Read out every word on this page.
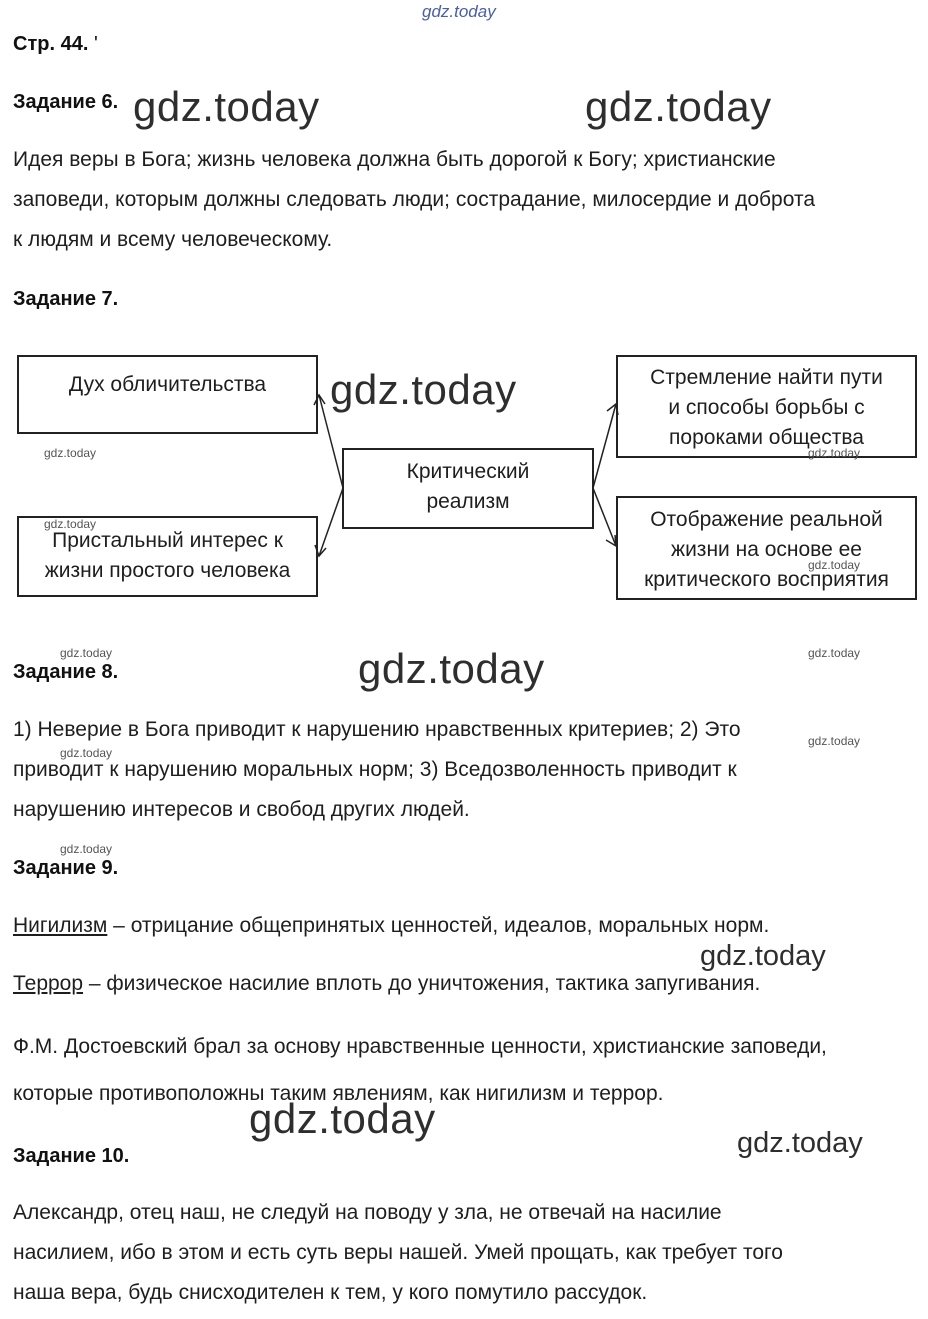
gdz.today
Стр. 44. '
Задание 6. gdz.today	gdz.today
Идея веры в Бога; жизнь человека должна быть дорогой к Богу; христианские
заповеди, которым должны следовать люди; сострадание, милосердие и доброта
к людям и всему человеческому.
Задание 7.
Дух обличительства
Пристальный интерес к
жизни простого человека
Критический
реализм
Стремление найти пути
и способы борьбы с
пороками общества
Отображение реальной
жизни на основе ее
критического восприятия
gdz.today
gdz.today
gdz.today
gdz.today
gdz.today
gdz.today	gdz.today
Задание 8.	gdz.today
1) Неверие в Бога приводит к нарушению нравственных критериев; 2) Это
приводит к нарушению моральных норм; 3) Вседозволенность приводит к
нарушению интересов и свобод других людей.
gdz.today
gdz.today
gdz.today
Задание 9.
Нигилизм – отрицание общепринятых ценностей, идеалов, моральных норм.
gdz.today
Террор – физическое насилие вплоть до уничтожения, тактика запугивания.
Ф.М. Достоевский брал за основу нравственные ценности, христианские заповеди,
которые противоположны таким явлениям, как нигилизм и террор.
gdz.today
Задание 10.	gdz.today
Александр, отец наш, не следуй на поводу у зла, не отвечай на насилие
насилием, ибо в этом и есть суть веры нашей. Умей прощать, как требует того
наша вера, будь снисходителен к тем, у кого помутило рассудок.
